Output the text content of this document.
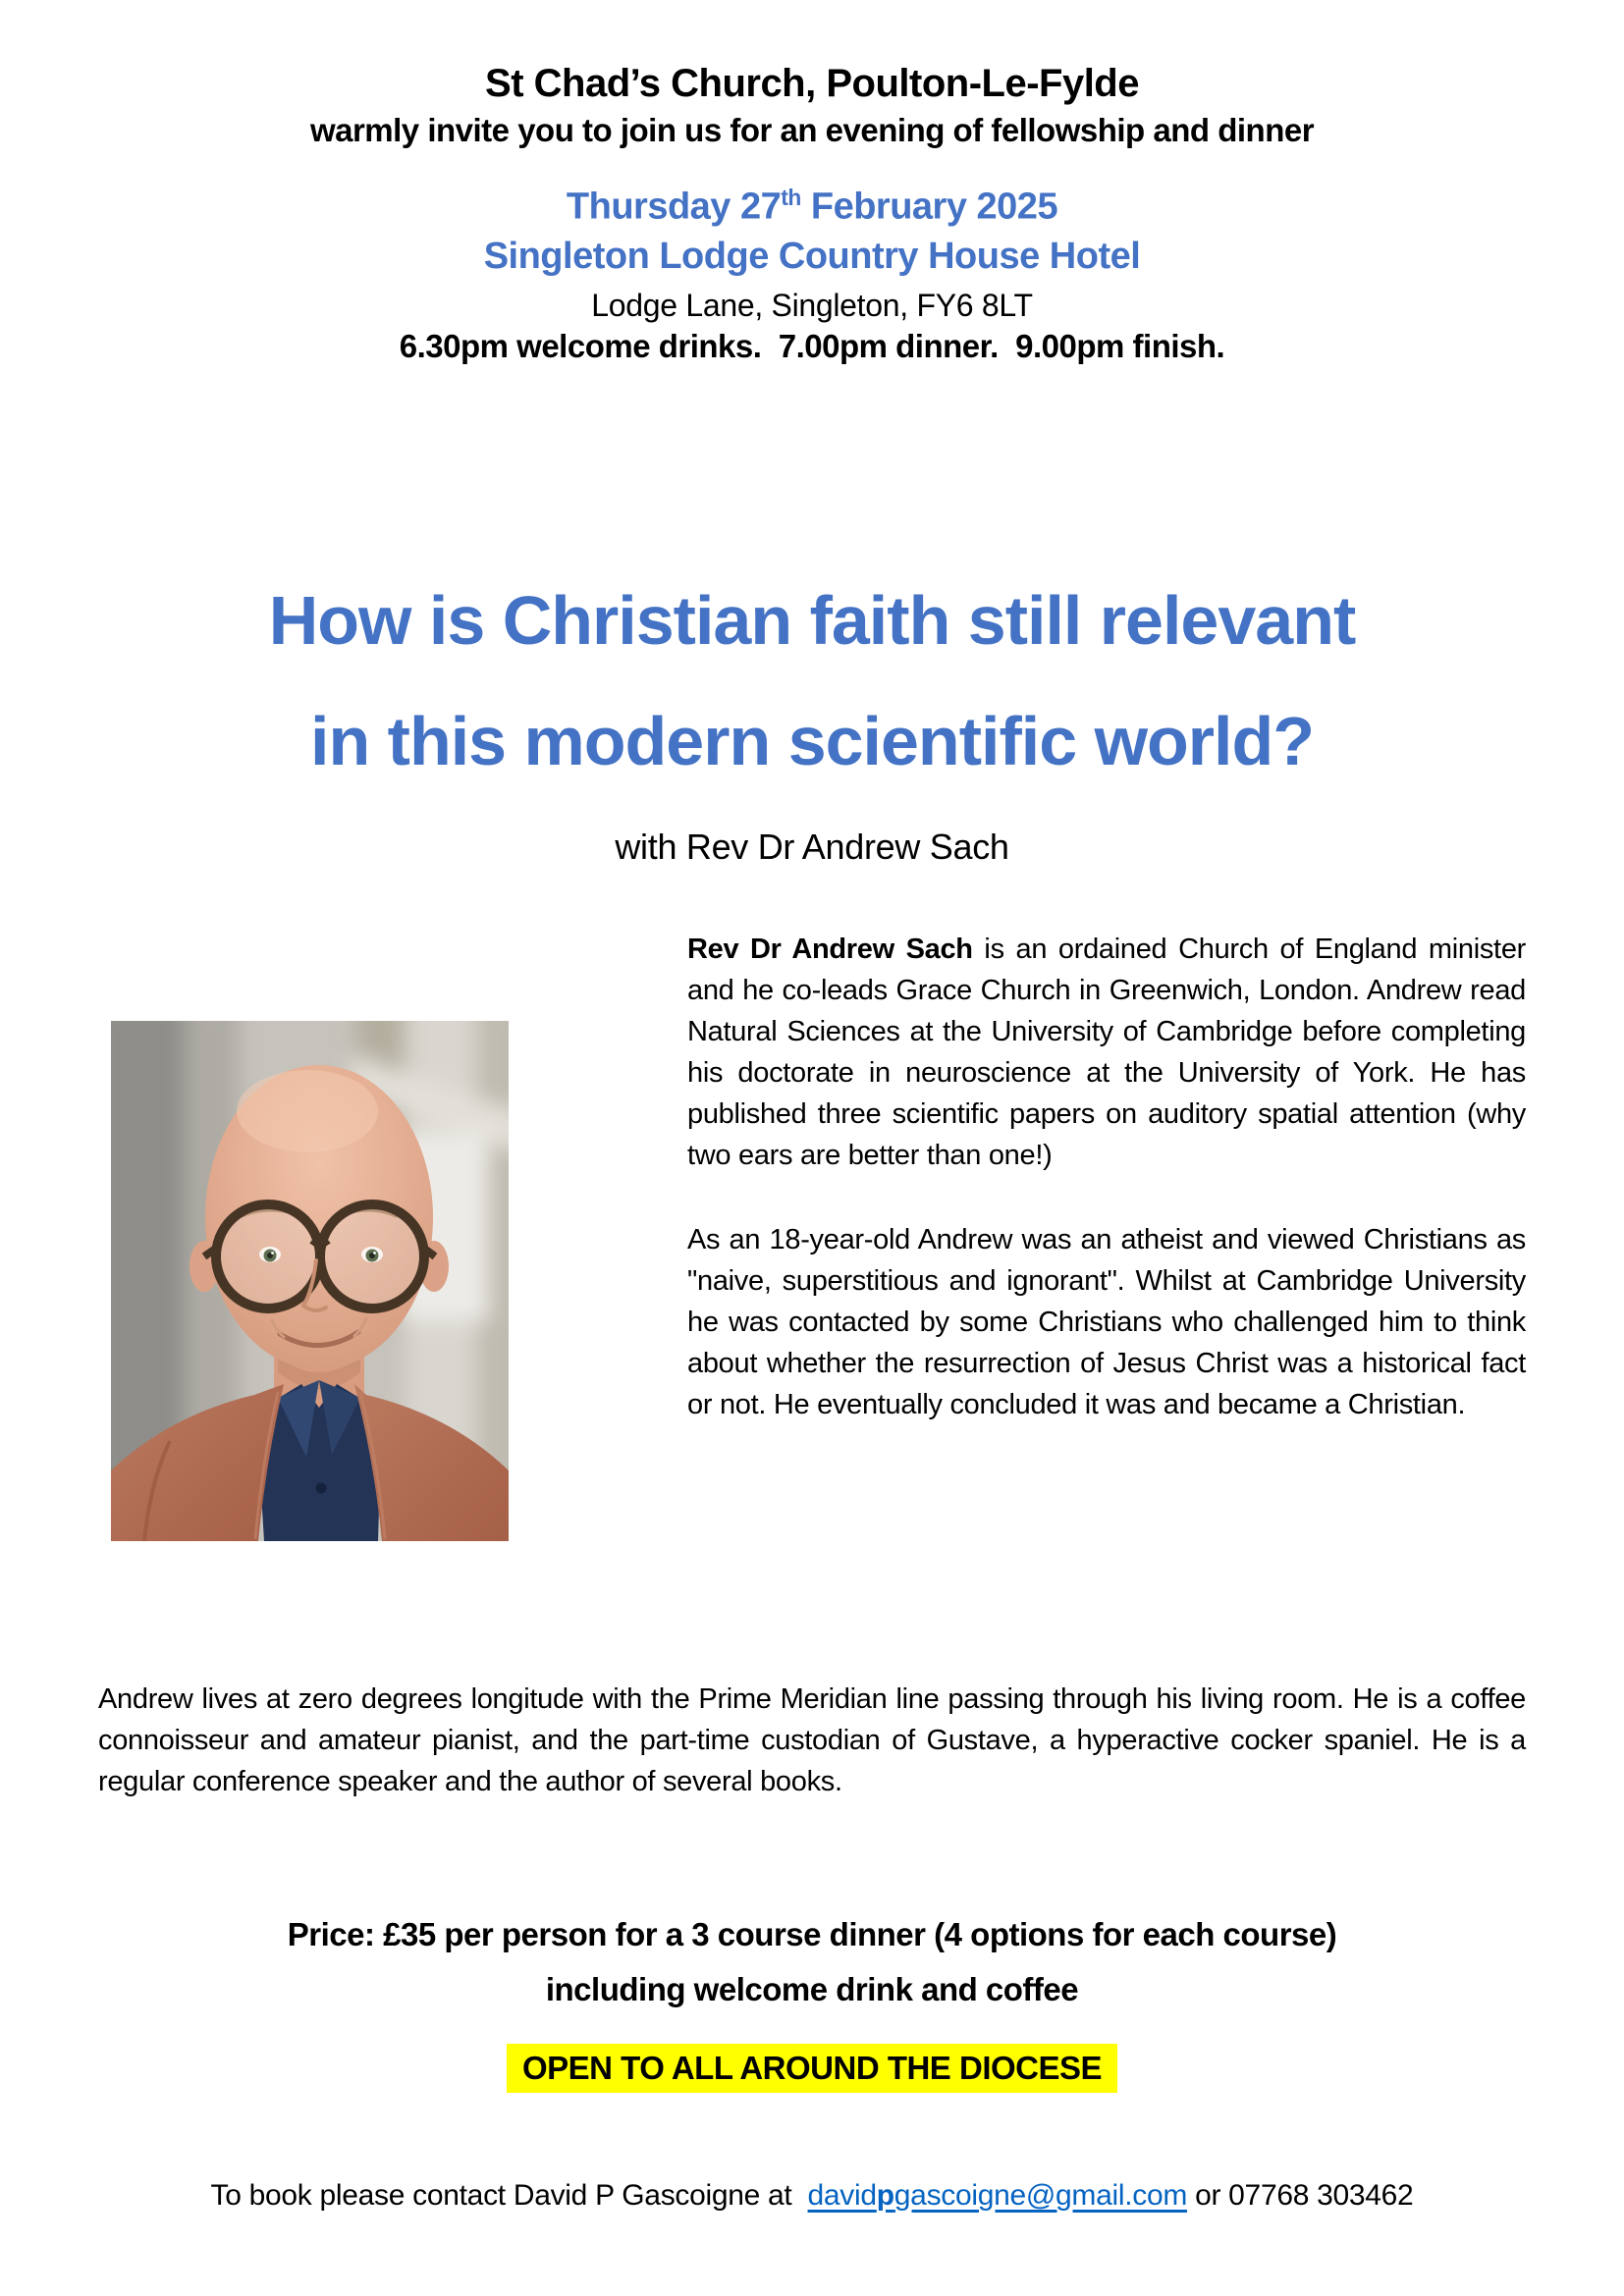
St Chad’s Church, Poulton-Le-Fylde
warmly invite you to join us for an evening of fellowship and dinner
Thursday 27th February 2025
Singleton Lodge Country House Hotel
Lodge Lane, Singleton, FY6 8LT
6.30pm welcome drinks.  7.00pm dinner.  9.00pm finish.
How is Christian faith still relevant
in this modern scientific world?
with Rev Dr Andrew Sach

Rev Dr Andrew Sach is an ordained Church of England minister and he co-leads Grace Church in Greenwich, London. Andrew read Natural Sciences at the University of Cambridge before completing his doctorate in neuroscience at the University of York. He has published three scientific papers on auditory spatial attention (why two ears are better than one!)

As an 18-year-old Andrew was an atheist and viewed Christians as "naive, superstitious and ignorant". Whilst at Cambridge University he was contacted by some Christians who challenged him to think about whether the resurrection of Jesus Christ was a historical fact or not. He eventually concluded it was and became a Christian.

Andrew lives at zero degrees longitude with the Prime Meridian line passing through his living room. He is a coffee connoisseur and amateur pianist, and the part-time custodian of Gustave, a hyperactive cocker spaniel. He is a regular conference speaker and the author of several books.
Price: £35 per person for a 3 course dinner (4 options for each course)
including welcome drink and coffee
OPEN TO ALL AROUND THE DIOCESE
To book please contact David P Gascoigne at  davidpgascoigne@gmail.com or 07768 303462
